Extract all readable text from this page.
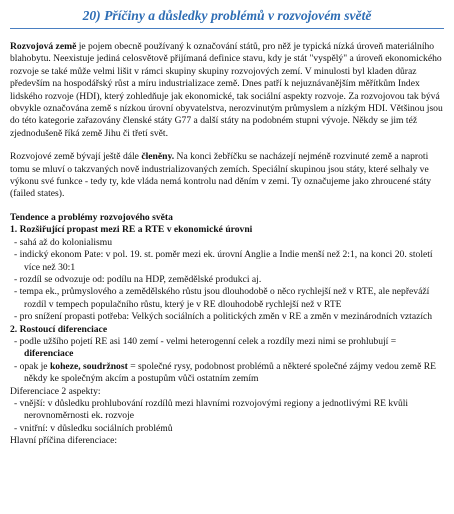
20) Příčiny a důsledky problémů v rozvojovém světě

Rozvojová země je pojem obecně používaný k označování států, pro něž je typická nízká úroveň materiálního blahobytu. Neexistuje jediná celosvětově přijímaná definice stavu, kdy je stát "vyspělý" a úroveň ekonomického rozvoje se také může velmi lišit v rámci skupiny skupiny rozvojových zemí. V minulosti byl kladen důraz především na hospodářský růst a míru industrializace země. Dnes patří k nejuznávanějším měřítkům Index lidského rozvoje (HDI), který zohledňuje jak ekonomické, tak sociální aspekty rozvoje. Za rozvojovou tak bývá obvykle označována země s nízkou úrovní obyvatelstva, nerozvinutým průmyslem a nízkým HDI. Většinou jsou do této kategorie zařazovány členské státy G77 a další státy na podobném stupni vývoje. Někdy se jim též zjednodušeně říká země Jihu či třetí svět.

Rozvojové země bývají ještě dále členěny. Na konci žebříčku se nacházejí nejméně rozvinuté země a naproti tomu se mluví o takzvaných nově industrializovaných zemích. Speciální skupinou jsou státy, které selhaly ve výkonu své funkce - tedy ty, kde vláda nemá kontrolu nad děním v zemi. Ty označujeme jako zhroucené státy (failed states).

Tendence a problémy rozvojového světa
1. Rozšiřující propast mezi RE a RTE v ekonomické úrovni
- sahá až do kolonialismu
- indický ekonom Pate: v pol. 19. st. poměr mezi ek. úrovní Anglie a Indie menší než 2:1, na konci 20. století více než 30:1
- rozdíl se odvozuje od: podílu na HDP, zemědělské produkci aj.
- tempa ek., průmyslového a zemědělského růstu jsou dlouhodobě o něco rychlejší než v RTE, ale nepřeváží rozdíl v tempech populačního růstu, který je v RE dlouhodobě rychlejší než v RTE
- pro snížení propasti potřeba: Velkých sociálních a politických změn v RE a změn v mezinárodních vztazích
2. Rostoucí diferenciace
- podle užšího pojetí RE asi 140 zemí - velmi heterogenní celek a rozdíly mezi nimi se prohlubují = diferenciace
- opak je koheze, soudržnost = společné rysy, podobnost problémů a některé společné zájmy vedou země RE někdy ke společným akcím a postupům vůči ostatním zemím
Diferenciace 2 aspekty:
- vnější: v důsledku prohlubování rozdílů mezi hlavními rozvojovými regiony a jednotlivými RE kvůli nerovnoměrnosti ek. rozvoje
- vnitřní: v důsledku sociálních problémů
Hlavní příčina diferenciace:
